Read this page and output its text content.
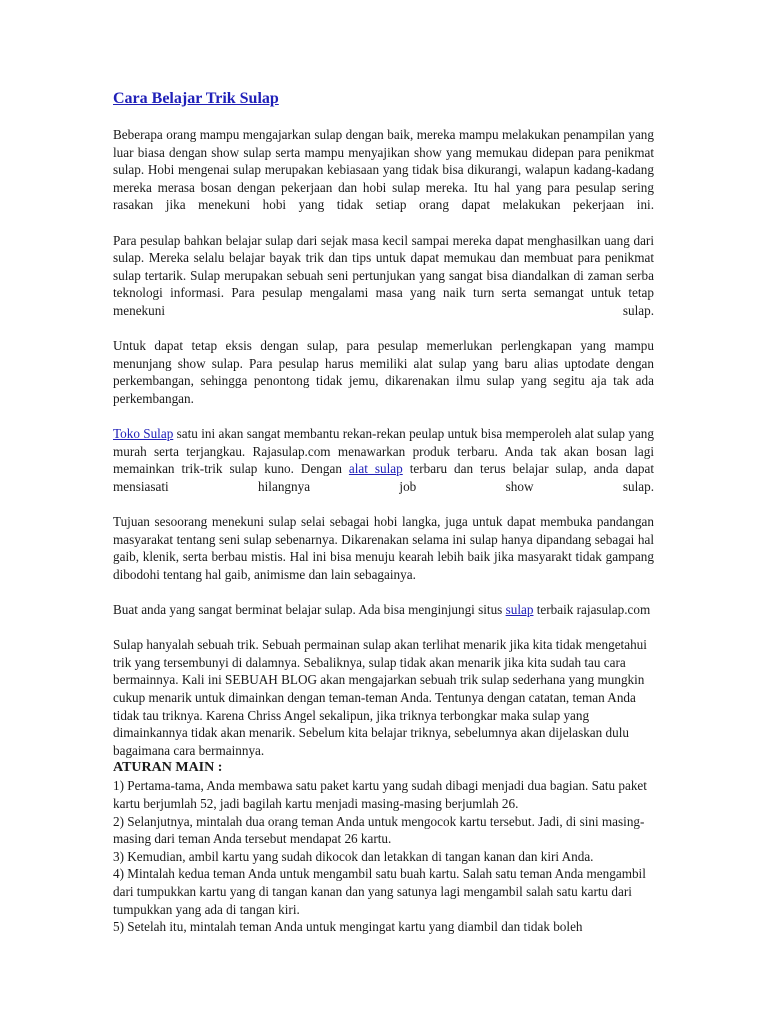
Cara Belajar Trik Sulap

Beberapa orang mampu mengajarkan sulap dengan baik, mereka mampu melakukan penampilan yang luar biasa dengan show sulap serta mampu menyajikan show yang memukau didepan para penikmat sulap. Hobi mengenai sulap merupakan kebiasaan yang tidak bisa dikurangi, walapun kadang-kadang mereka merasa bosan dengan pekerjaan dan hobi sulap mereka. Itu hal yang para pesulap sering rasakan jika menekuni hobi yang tidak setiap orang dapat melakukan pekerjaan ini.

Para pesulap bahkan belajar sulap dari sejak masa kecil sampai mereka dapat menghasilkan uang dari sulap. Mereka selalu belajar bayak trik dan tips untuk dapat memukau dan membuat para penikmat sulap tertarik. Sulap merupakan sebuah seni pertunjukan yang sangat bisa diandalkan di zaman serba teknologi informasi. Para pesulap mengalami masa yang naik turn serta semangat untuk tetap menekuni sulap.

Untuk dapat tetap eksis dengan sulap, para pesulap memerlukan perlengkapan yang mampu menunjang show sulap. Para pesulap harus memiliki alat sulap yang baru alias uptodate dengan perkembangan, sehingga penontong tidak jemu, dikarenakan ilmu sulap yang segitu aja tak ada perkembangan.

Toko Sulap satu ini akan sangat membantu rekan-rekan peulap untuk bisa memperoleh alat sulap yang murah serta terjangkau. Rajasulap.com menawarkan produk terbaru. Anda tak akan bosan lagi memainkan trik-trik sulap kuno. Dengan alat sulap terbaru dan terus belajar sulap, anda dapat mensiasati hilangnya job show sulap.

Tujuan sesoorang menekuni sulap selai sebagai hobi langka, juga untuk dapat membuka pandangan masyarakat tentang seni sulap sebenarnya. Dikarenakan selama ini sulap hanya dipandang sebagai hal gaib, klenik, serta berbau mistis. Hal ini bisa menuju kearah lebih baik jika masyarakt tidak gampang dibodohi tentang hal gaib, animisme dan lain sebagainya.

Buat anda yang sangat berminat belajar sulap. Ada bisa menginjungi situs sulap terbaik rajasulap.com

Sulap hanyalah sebuah trik. Sebuah permainan sulap akan terlihat menarik jika kita tidak mengetahui trik yang tersembunyi di dalamnya. Sebaliknya, sulap tidak akan menarik jika kita sudah tau cara bermainnya. Kali ini SEBUAH BLOG akan mengajarkan sebuah trik sulap sederhana yang mungkin cukup menarik untuk dimainkan dengan teman-teman Anda. Tentunya dengan catatan, teman Anda tidak tau triknya. Karena Chriss Angel sekalipun, jika triknya terbongkar maka sulap yang dimainkannya tidak akan menarik. Sebelum kita belajar triknya, sebelumnya akan dijelaskan dulu bagaimana cara bermainnya.

ATURAN MAIN :

1) Pertama-tama, Anda membawa satu paket kartu yang sudah dibagi menjadi dua bagian. Satu paket kartu berjumlah 52, jadi bagilah kartu menjadi masing-masing berjumlah 26.

2) Selanjutnya, mintalah dua orang teman Anda untuk mengocok kartu tersebut. Jadi, di sini masing-masing dari teman Anda tersebut mendapat 26 kartu.

3) Kemudian, ambil kartu yang sudah dikocok dan letakkan di tangan kanan dan kiri Anda.

4) Mintalah kedua teman Anda untuk mengambil satu buah kartu. Salah satu teman Anda mengambil dari tumpukkan kartu yang di tangan kanan dan yang satunya lagi mengambil salah satu kartu dari tumpukkan yang ada di tangan kiri.

5) Setelah itu, mintalah teman Anda untuk mengingat kartu yang diambil dan tidak boleh
